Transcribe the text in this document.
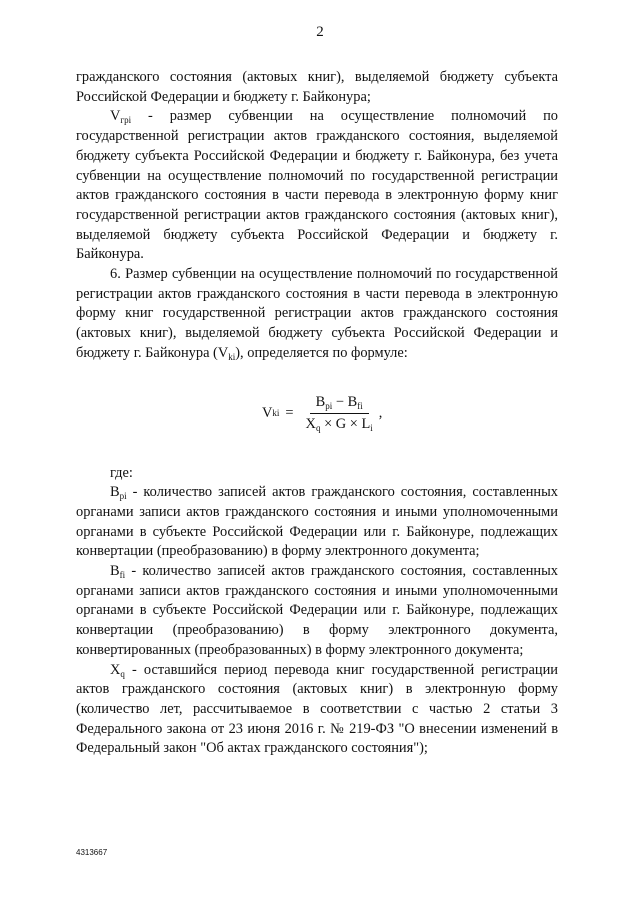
2

гражданского состояния (актовых книг), выделяемой бюджету субъекта Российской Федерации и бюджету г. Байконура;

$V_{грi}$ - размер субвенции на осуществление полномочий по государственной регистрации актов гражданского состояния, выделяемой бюджету субъекта Российской Федерации и бюджету г. Байконура, без учета субвенции на осуществление полномочий по государственной регистрации актов гражданского состояния в части перевода в электронную форму книг государственной регистрации актов гражданского состояния (актовых книг), выделяемой бюджету субъекта Российской Федерации и бюджету г. Байконура.

6. Размер субвенции на осуществление полномочий по государственной регистрации актов гражданского состояния в части перевода в электронную форму книг государственной регистрации актов гражданского состояния (актовых книг), выделяемой бюджету субъекта Российской Федерации и бюджету г. Байконура $(V_{ki})$, определяется по формуле:

V ki = $\frac{B_{pi} - B_{fi}}{X_q \times G \times L_i}$ ,

где:

$B_{pi}$ - количество записей актов гражданского состояния, составленных органами записи актов гражданского состояния и иными уполномоченными органами в субъекте Российской Федерации или г. Байконуре, подлежащих конвертации (преобразованию) в форму электронного документа;

$B_{fi}$ - количество записей актов гражданского состояния, составленных органами записи актов гражданского состояния и иными уполномоченными органами в субъекте Российской Федерации или г. Байконуре, подлежащих конвертации (преобразованию) в форму электронного документа, конвертированных (преобразованных) в форму электронного документа;

$X_q$ - оставшийся период перевода книг государственной регистрации актов гражданского состояния (актовых книг) в электронную форму (количество лет, рассчитываемое в соответствии с частью 2 статьи 3 Федерального закона от 23 июня 2016 г. № 219-ФЗ "О внесении изменений в Федеральный закон "Об актах гражданского состояния");

4313667
